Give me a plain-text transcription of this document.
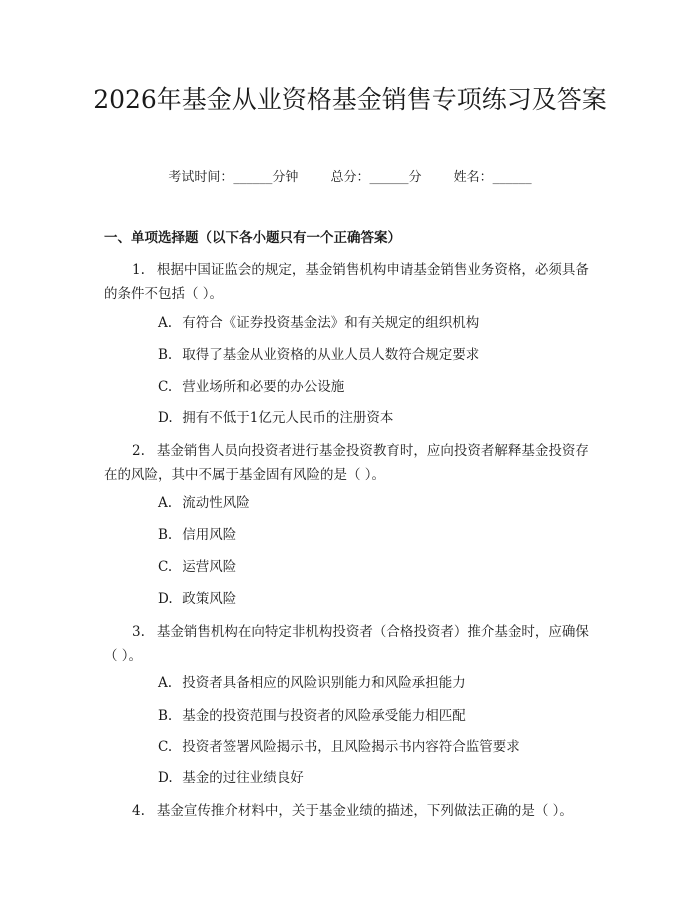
2026年基金从业资格基金销售专项练习及答案
考试时间：______分钟 总分：______分 姓名：______
一、单项选择题（以下各小题只有一个正确答案）

1. 根据中国证监会的规定，基金销售机构申请基金销售业务资格，必须具备的条件不包括（ ）。

A. 有符合《证券投资基金法》和有关规定的组织机构
B. 取得了基金从业资格的从业人员人数符合规定要求
C. 营业场所和必要的办公设施
D. 拥有不低于1亿元人民币的注册资本

2. 基金销售人员向投资者进行基金投资教育时，应向投资者解释基金投资存在的风险，其中不属于基金固有风险的是（ ）。

A. 流动性风险
B. 信用风险
C. 运营风险
D. 政策风险

3. 基金销售机构在向特定非机构投资者（合格投资者）推介基金时，应确保（ ）。

A. 投资者具备相应的风险识别能力和风险承担能力
B. 基金的投资范围与投资者的风险承受能力相匹配
C. 投资者签署风险揭示书，且风险揭示书内容符合监管要求
D. 基金的过往业绩良好

4. 基金宣传推介材料中，关于基金业绩的描述，下列做法正确的是（ ）。
